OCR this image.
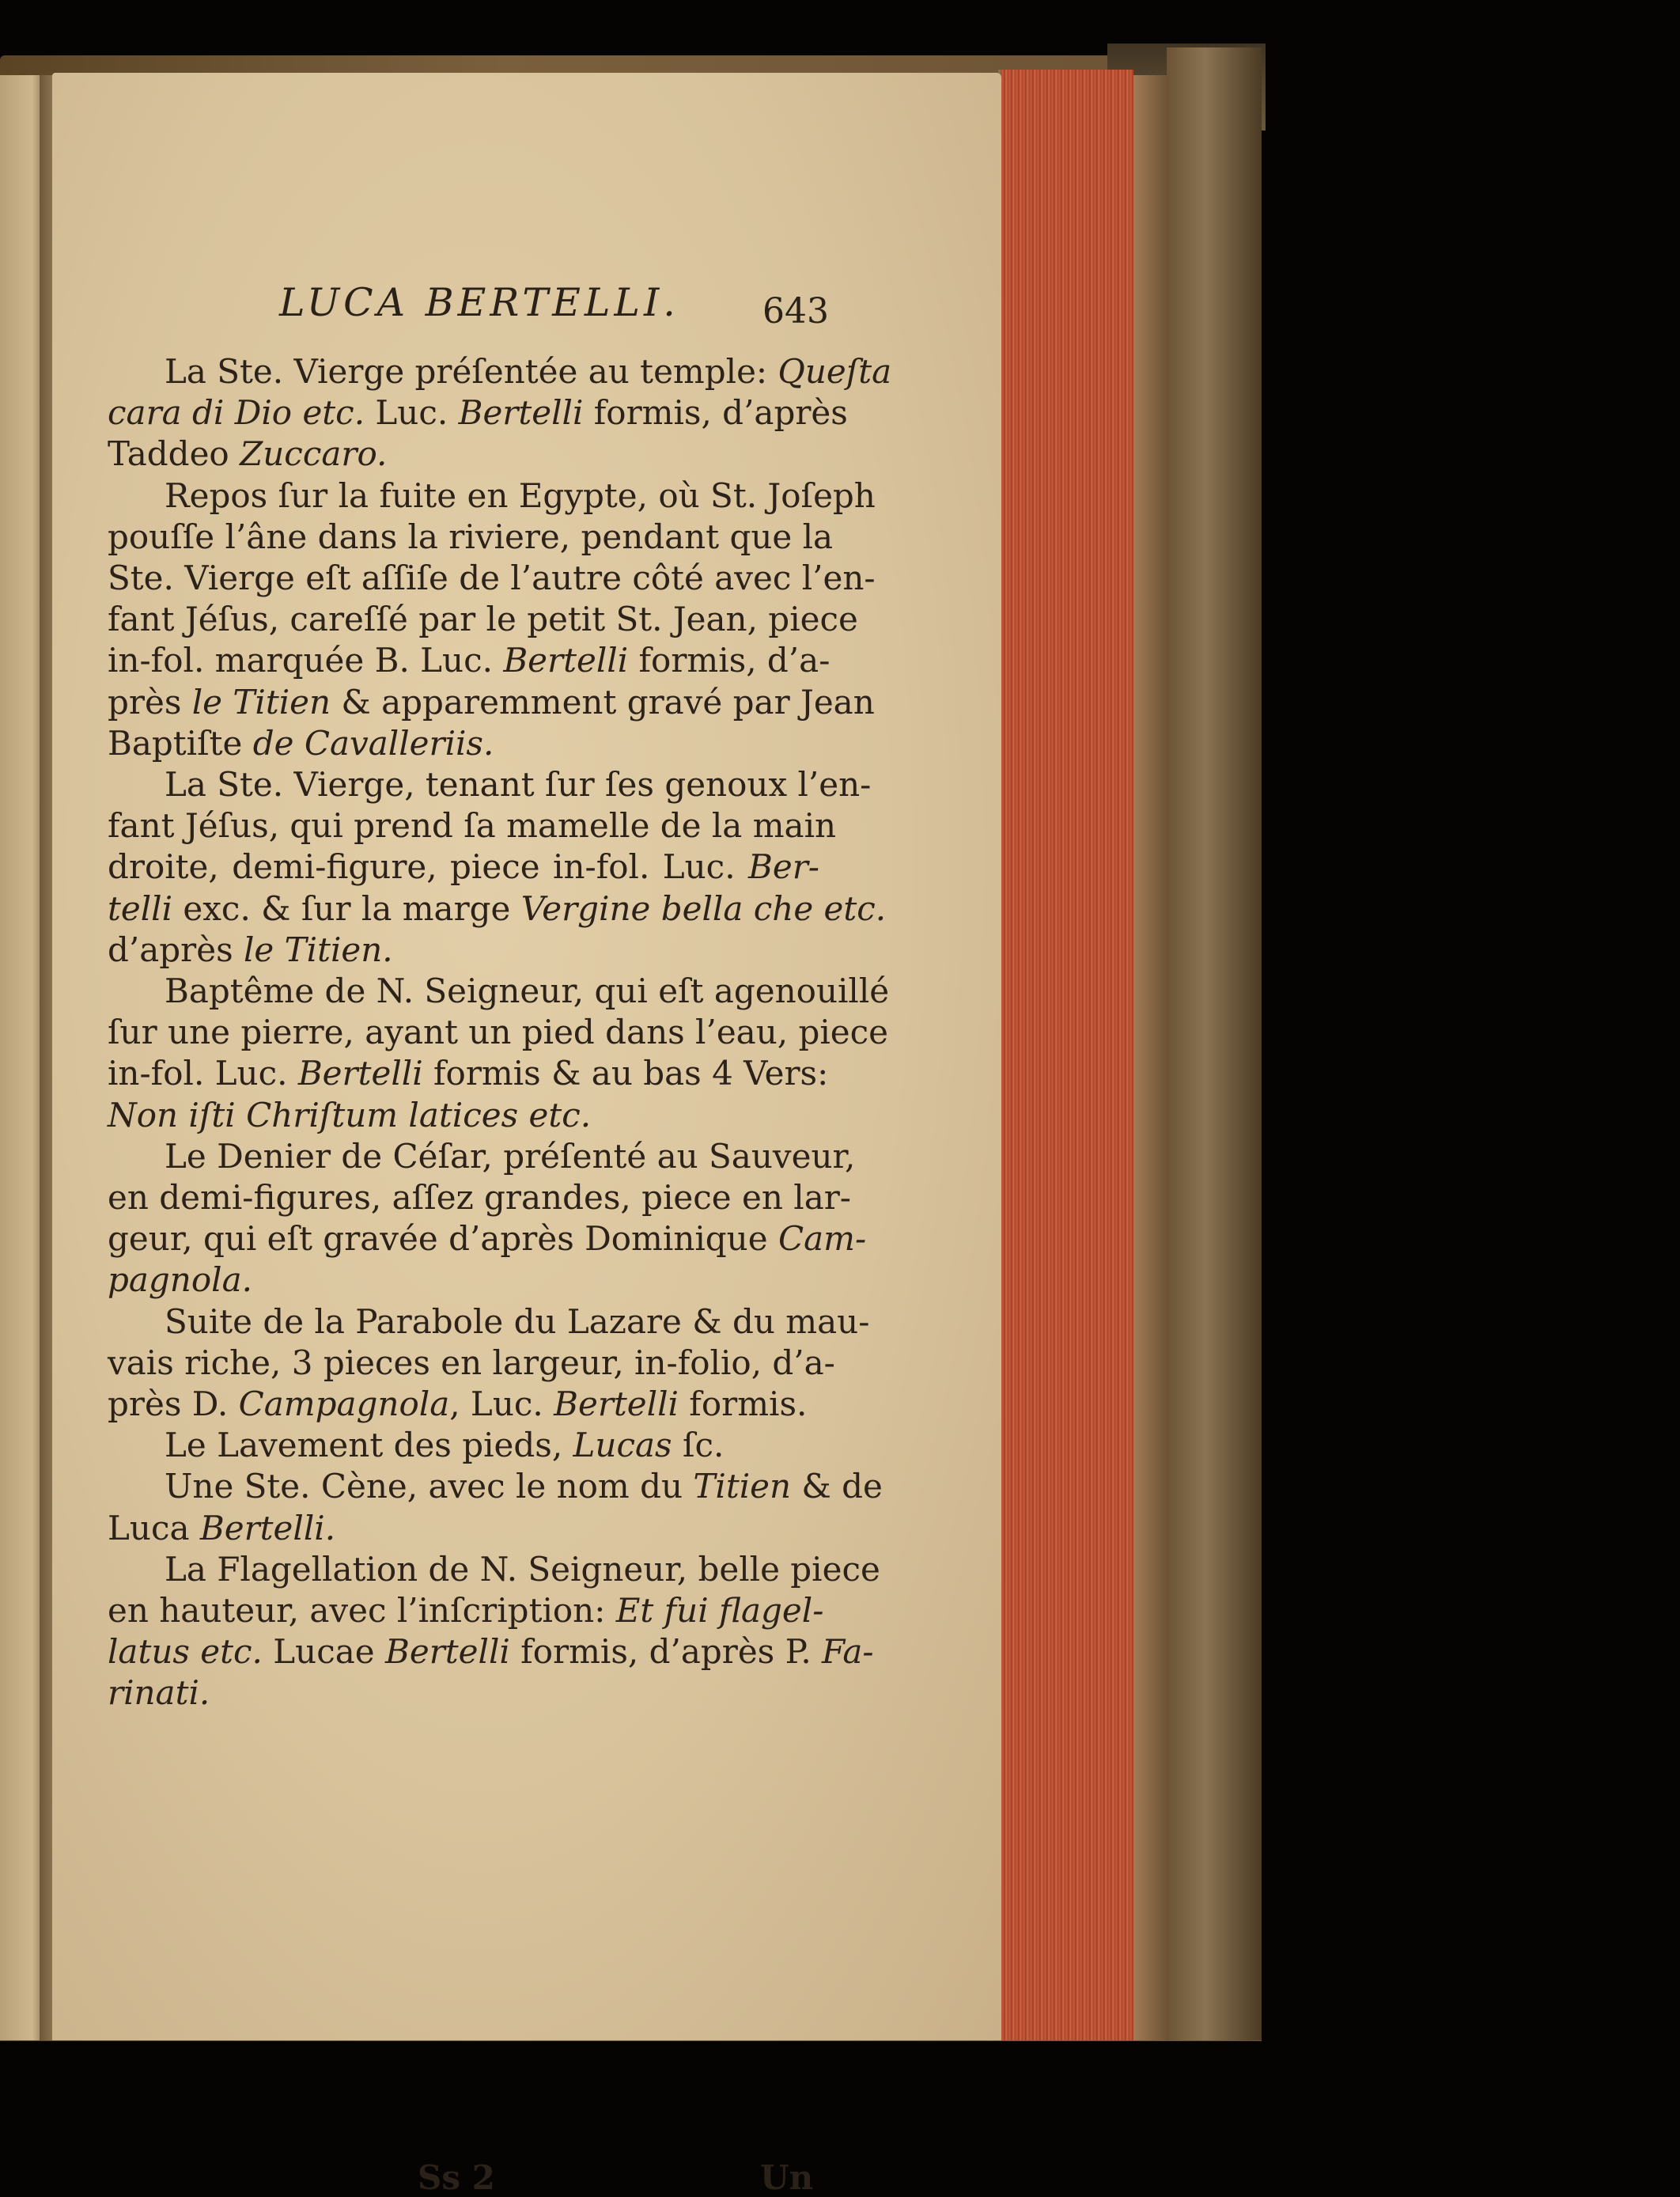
LUCA BERTELLI. 643
La Ste. Vierge préſentée au temple: Queſta
cara di Dio etc. Luc. Bertelli formis, d’après
Taddeo Zuccaro.
Repos ſur la fuite en Egypte, où St. Joſeph
pouſſe l’âne dans la riviere, pendant que la
Ste. Vierge eſt aſſiſe de l’autre côté avec l’en-
fant Jéſus, careſſé par le petit St. Jean, piece
in-fol. marquée B. Luc. Bertelli formis, d’a-
près le Titien & apparemment gravé par Jean
Baptiſte de Cavalleriis.
La Ste. Vierge, tenant ſur ſes genoux l’en-
fant Jéſus, qui prend ſa mamelle de la main
droite, demi-figure, piece in-fol. Luc. Ber-
telli exc. & ſur la marge Vergine bella che etc.
d’après le Titien.
Baptême de N. Seigneur, qui eſt agenouillé
ſur une pierre, ayant un pied dans l’eau, piece
in-fol. Luc. Bertelli formis & au bas 4 Vers:
Non iſti Chriſtum latices etc.
Le Denier de Céſar, préſenté au Sauveur,
en demi-figures, aſſez grandes, piece en lar-
geur, qui eſt gravée d’après Dominique Cam-
pagnola.
Suite de la Parabole du Lazare & du mau-
vais riche, 3 pieces en largeur, in-folio, d’a-
près D. Campagnola, Luc. Bertelli formis.
Le Lavement des pieds, Lucas ſc.
Une Ste. Cène, avec le nom du Titien & de
Luca Bertelli.
La Flagellation de N. Seigneur, belle piece
en hauteur, avec l’inſcription: Et fui flagel-
latus etc. Lucae Bertelli formis, d’après P. Fa-
rinati.
Ss 2	Un
